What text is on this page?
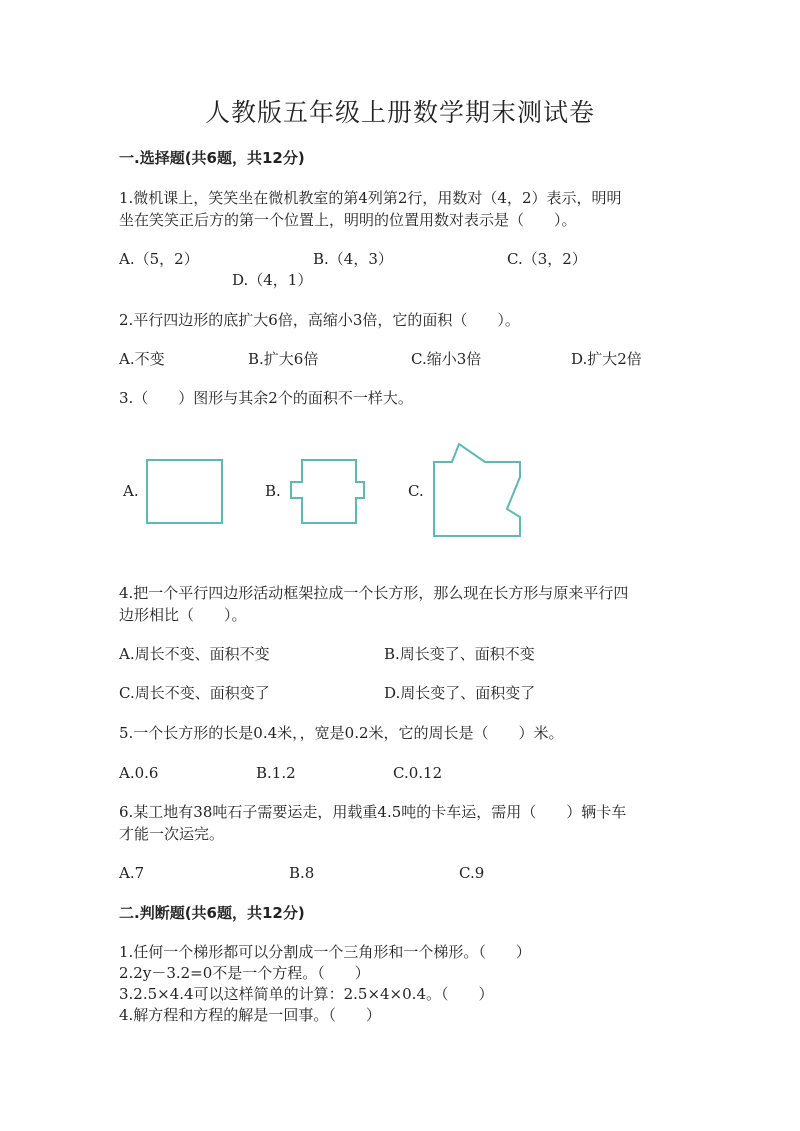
人教版五年级上册数学期末测试卷
一.选择题(共6题，共12分)
1.微机课上，笑笑坐在微机教室的第4列第2行，用数对（4，2）表示，明明
坐在笑笑正后方的第一个位置上，明明的位置用数对表示是（　　）。
A.（5，2）	B.（4，3）	C.（3，2）
D.（4，1）
2.平行四边形的底扩大6倍，高缩小3倍，它的面积（　　）。
A.不变	B.扩大6倍	C.缩小3倍	D.扩大2倍
3.（　　）图形与其余2个的面积不一样大。
A.	B.	C.
4.把一个平行四边形活动框架拉成一个长方形，那么现在长方形与原来平行四
边形相比（　　）。
A.周长不变、面积不变	B.周长变了、面积不变
C.周长不变、面积变了	D.周长变了、面积变了
5.一个长方形的长是0.4米，，宽是0.2米，它的周长是（　　）米。
A.0.6	B.1.2	C.0.12
6.某工地有38吨石子需要运走，用载重4.5吨的卡车运，需用（　　）辆卡车
才能一次运完。
A.7	B.8	C.9
二.判断题(共6题，共12分)
1.任何一个梯形都可以分割成一个三角形和一个梯形。（　　）
2.2y－3.2=0不是一个方程。（　　）
3.2.5×4.4可以这样简单的计算：2.5×4×0.4。（　　）
4.解方程和方程的解是一回事。（　　）
